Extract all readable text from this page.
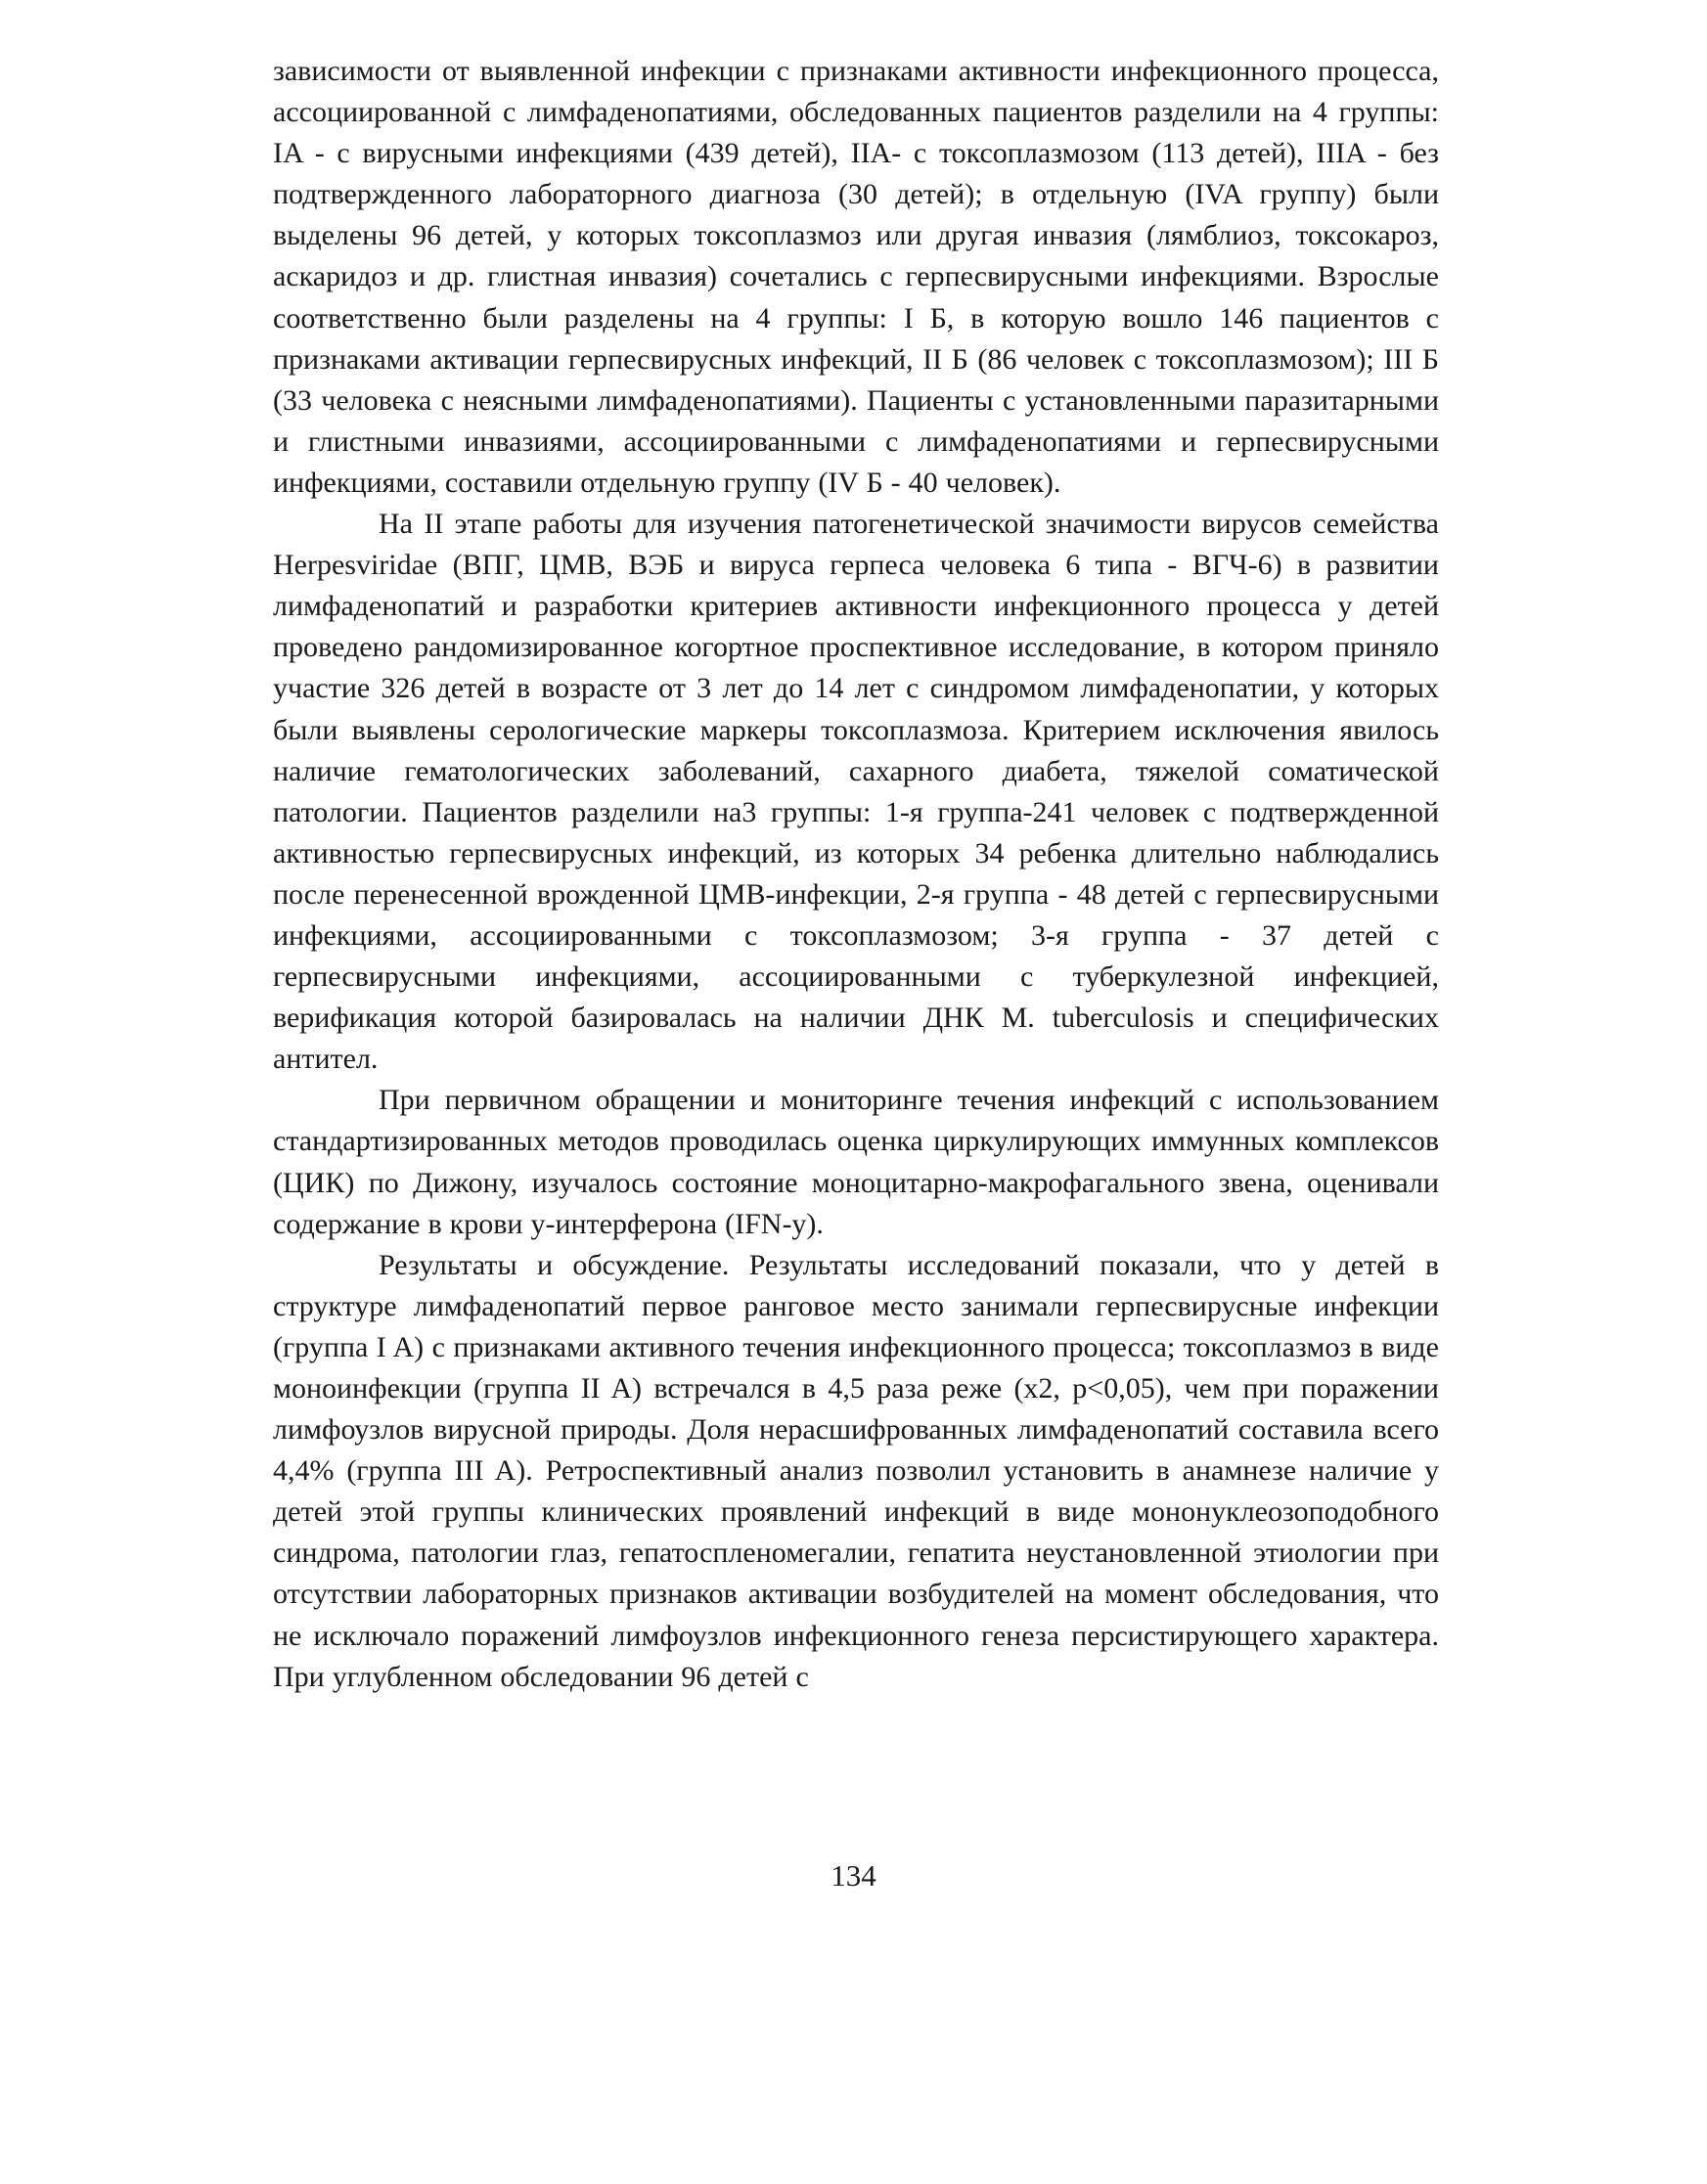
зависимости от выявленной инфекции с признаками активности инфекционного процесса, ассоциированной с лимфаденопатиями, обследованных пациентов разделили на 4 группы: IA - с вирусными инфекциями (439 детей), IIA- с токсоплазмозом (113 детей), IIIA - без подтвержденного лабораторного диагноза (30 детей); в отдельную (IVA группу) были выделены 96 детей, у которых токсоплазмоз или другая инвазия (лямблиоз, токсокароз, аскаридоз и др. глистная инвазия) сочетались с герпесвирусными инфекциями. Взрослые соответственно были разделены на 4 группы: I Б, в которую вошло 146 пациентов с признаками активации герпесвирусных инфекций, II Б (86 человек с токсоплазмозом); III Б (33 человека с неясными лимфаденопатиями). Пациенты с установленными паразитарными и глистными инвазиями, ассоциированными с лимфаденопатиями и герпесвирусными инфекциями, составили отдельную группу (IV Б - 40 человек).

На II этапе работы для изучения патогенетической значимости вирусов семейства Herpesviridae (ВПГ, ЦМВ, ВЭБ и вируса герпеса человека 6 типа - ВГЧ-6) в развитии лимфаденопатий и разработки критериев активности инфекционного процесса у детей проведено рандомизированное когортное проспективное исследование, в котором приняло участие 326 детей в возрасте от 3 лет до 14 лет с синдромом лимфаденопатии, у которых были выявлены серологические маркеры токсоплазмоза. Критерием исключения явилось наличие гематологических заболеваний, сахарного диабета, тяжелой соматической патологии. Пациентов разделили на3 группы: 1-я группа-241 человек с подтвержденной активностью герпесвирусных инфекций, из которых 34 ребенка длительно наблюдались после перенесенной врожденной ЦМВ-инфекции, 2-я группа - 48 детей с герпесвирусными инфекциями, ассоциированными с токсоплазмозом; 3-я группа - 37 детей с герпесвирусными инфекциями, ассоциированными с туберкулезной инфекцией, верификация которой базировалась на наличии ДНК M. tuberculosis и специфических антител.

При первичном обращении и мониторинге течения инфекций с использованием стандартизированных методов проводилась оценка циркулирующих иммунных комплексов (ЦИК) по Дижону, изучалось состояние моноцитарно-макрофагального звена, оценивали содержание в крови у-интерферона (IFN-y).

Результаты и обсуждение. Результаты исследований показали, что у детей в структуре лимфаденопатий первое ранговое место занимали герпесвирусные инфекции (группа I A) с признаками активного течения инфекционного процесса; токсоплазмоз в виде моноинфекции (группа II A) встречался в 4,5 раза реже (x2, p<0,05), чем при поражении лимфоузлов вирусной природы. Доля нерасшифрованных лимфаденопатий составила всего 4,4% (группа III A). Ретроспективный анализ позволил установить в анамнезе наличие у детей этой группы клинических проявлений инфекций в виде мононуклеозоподобного синдрома, патологии глаз, гепатоспленомегалии, гепатита неустановленной этиологии при отсутствии лабораторных признаков активации возбудителей на момент обследования, что не исключало поражений лимфоузлов инфекционного генеза персистирующего характера. При углубленном обследовании 96 детей с

134
